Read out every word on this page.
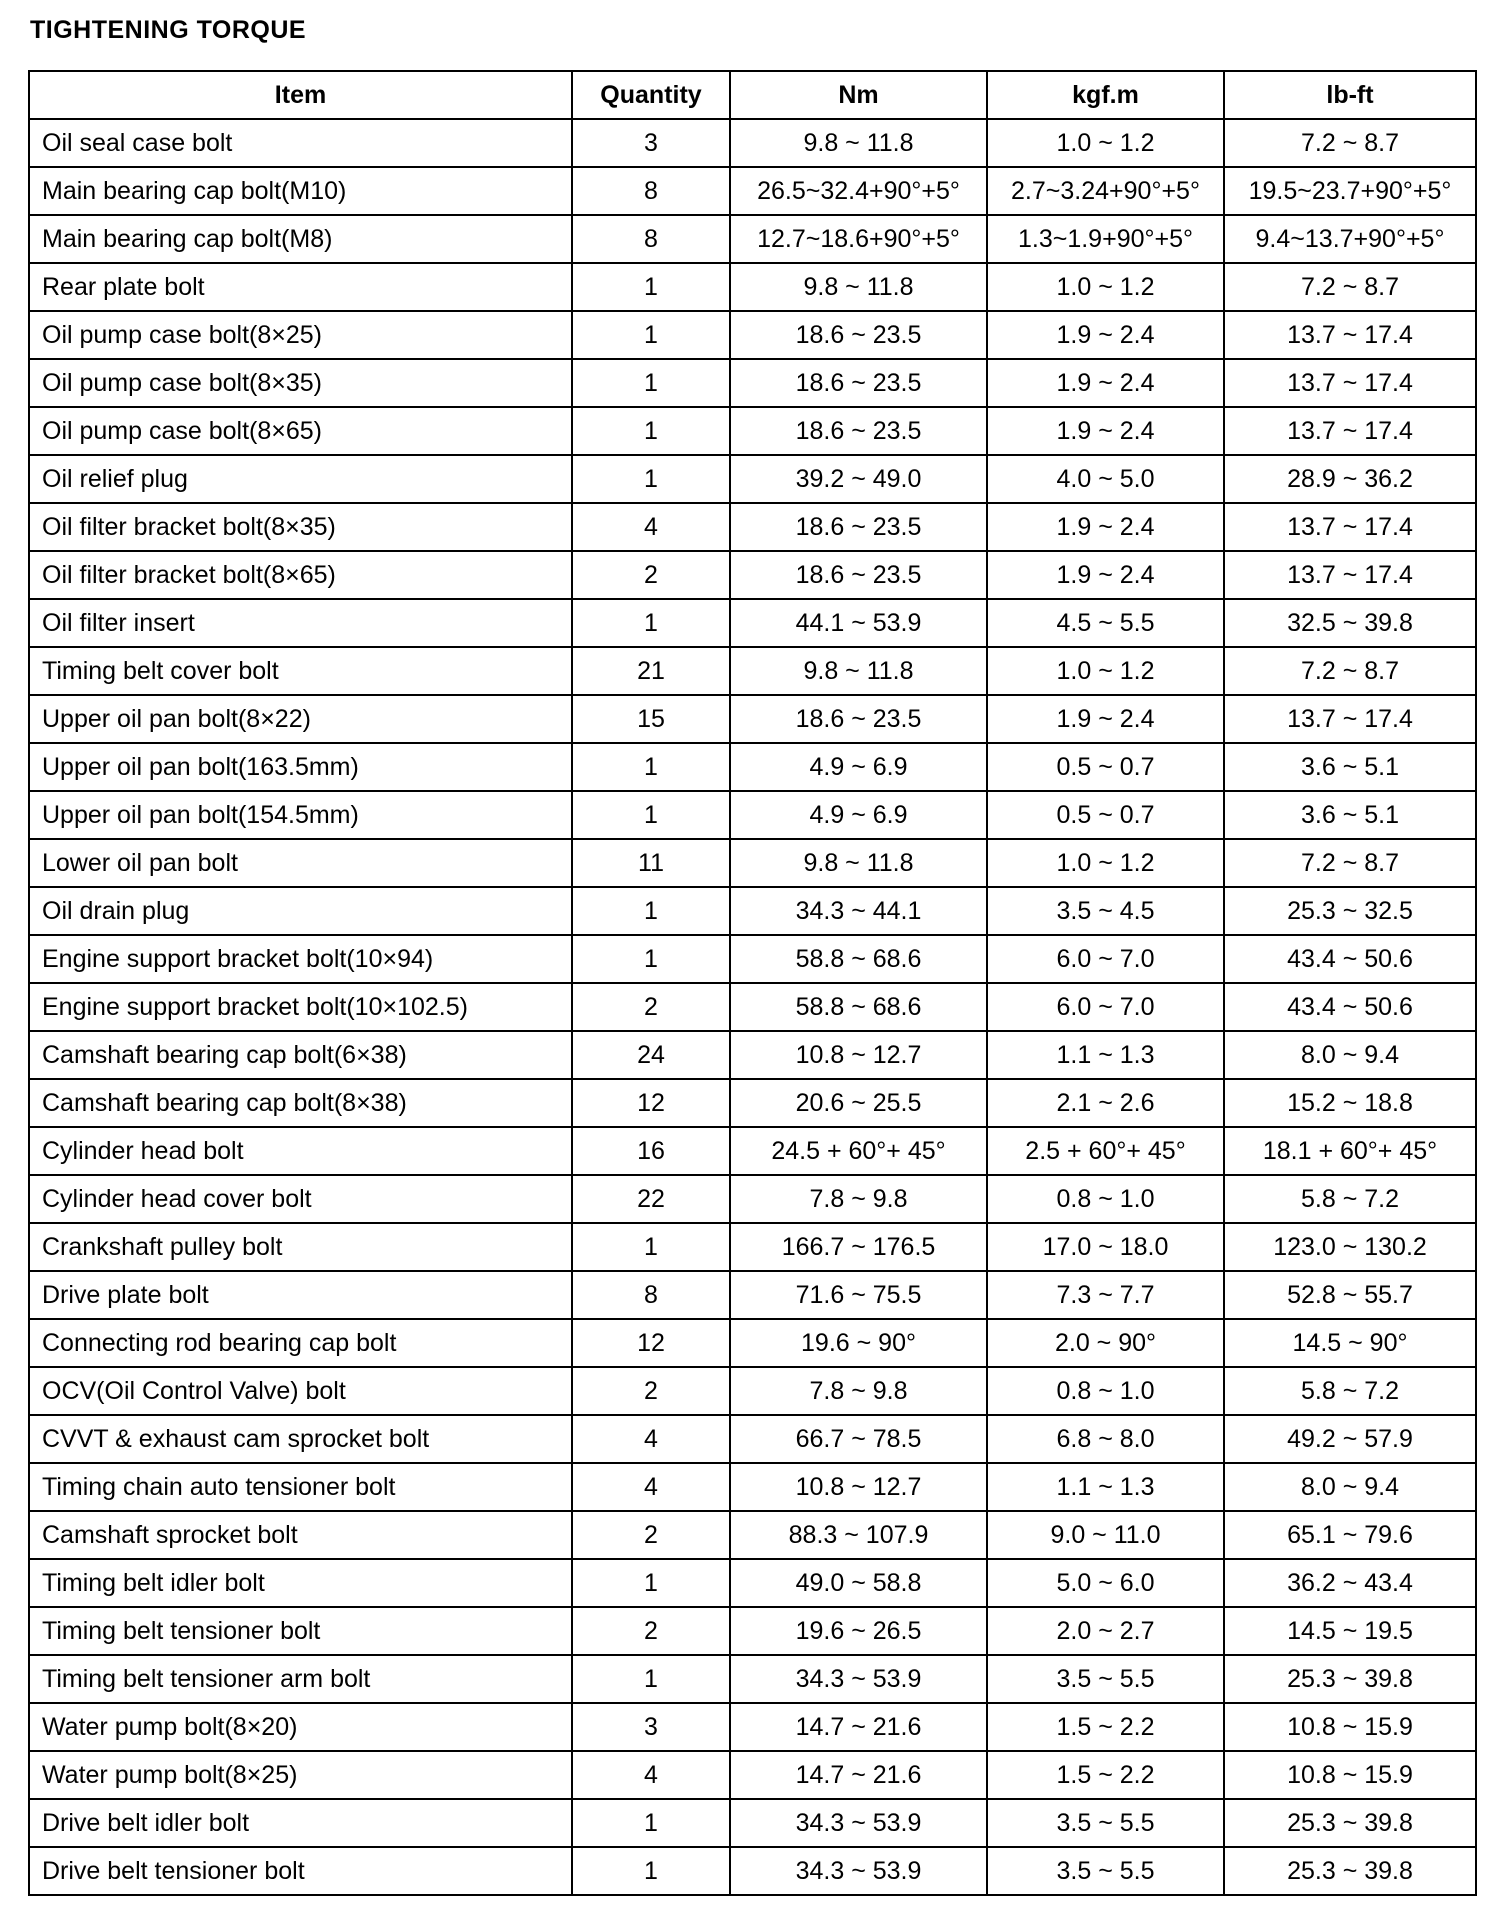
TIGHTENING TORQUE
Item	Quantity	Nm	kgf.m	lb-ft
Oil seal case bolt	3	9.8 ~ 11.8	1.0 ~ 1.2	7.2 ~ 8.7
Main bearing cap bolt(M10)	8	26.5~32.4+90°+5°	2.7~3.24+90°+5°	19.5~23.7+90°+5°
Main bearing cap bolt(M8)	8	12.7~18.6+90°+5°	1.3~1.9+90°+5°	9.4~13.7+90°+5°
Rear plate bolt	1	9.8 ~ 11.8	1.0 ~ 1.2	7.2 ~ 8.7
Oil pump case bolt(8×25)	1	18.6 ~ 23.5	1.9 ~ 2.4	13.7 ~ 17.4
Oil pump case bolt(8×35)	1	18.6 ~ 23.5	1.9 ~ 2.4	13.7 ~ 17.4
Oil pump case bolt(8×65)	1	18.6 ~ 23.5	1.9 ~ 2.4	13.7 ~ 17.4
Oil relief plug	1	39.2 ~ 49.0	4.0 ~ 5.0	28.9 ~ 36.2
Oil filter bracket bolt(8×35)	4	18.6 ~ 23.5	1.9 ~ 2.4	13.7 ~ 17.4
Oil filter bracket bolt(8×65)	2	18.6 ~ 23.5	1.9 ~ 2.4	13.7 ~ 17.4
Oil filter insert	1	44.1 ~ 53.9	4.5 ~ 5.5	32.5 ~ 39.8
Timing belt cover bolt	21	9.8 ~ 11.8	1.0 ~ 1.2	7.2 ~ 8.7
Upper oil pan bolt(8×22)	15	18.6 ~ 23.5	1.9 ~ 2.4	13.7 ~ 17.4
Upper oil pan bolt(163.5mm)	1	4.9 ~ 6.9	0.5 ~ 0.7	3.6 ~ 5.1
Upper oil pan bolt(154.5mm)	1	4.9 ~ 6.9	0.5 ~ 0.7	3.6 ~ 5.1
Lower oil pan bolt	11	9.8 ~ 11.8	1.0 ~ 1.2	7.2 ~ 8.7
Oil drain plug	1	34.3 ~ 44.1	3.5 ~ 4.5	25.3 ~ 32.5
Engine support bracket bolt(10×94)	1	58.8 ~ 68.6	6.0 ~ 7.0	43.4 ~ 50.6
Engine support bracket bolt(10×102.5)	2	58.8 ~ 68.6	6.0 ~ 7.0	43.4 ~ 50.6
Camshaft bearing cap bolt(6×38)	24	10.8 ~ 12.7	1.1 ~ 1.3	8.0 ~ 9.4
Camshaft bearing cap bolt(8×38)	12	20.6 ~ 25.5	2.1 ~ 2.6	15.2 ~ 18.8
Cylinder head bolt	16	24.5 + 60°+ 45°	2.5 + 60°+ 45°	18.1 + 60°+ 45°
Cylinder head cover bolt	22	7.8 ~ 9.8	0.8 ~ 1.0	5.8 ~ 7.2
Crankshaft pulley bolt	1	166.7 ~ 176.5	17.0 ~ 18.0	123.0 ~ 130.2
Drive plate bolt	8	71.6 ~ 75.5	7.3 ~ 7.7	52.8 ~ 55.7
Connecting rod bearing cap bolt	12	19.6 ~ 90°	2.0 ~ 90°	14.5 ~ 90°
OCV(Oil Control Valve) bolt	2	7.8 ~ 9.8	0.8 ~ 1.0	5.8 ~ 7.2
CVVT & exhaust cam sprocket bolt	4	66.7 ~ 78.5	6.8 ~ 8.0	49.2 ~ 57.9
Timing chain auto tensioner bolt	4	10.8 ~ 12.7	1.1 ~ 1.3	8.0 ~ 9.4
Camshaft sprocket bolt	2	88.3 ~ 107.9	9.0 ~ 11.0	65.1 ~ 79.6
Timing belt idler bolt	1	49.0 ~ 58.8	5.0 ~ 6.0	36.2 ~ 43.4
Timing belt tensioner bolt	2	19.6 ~ 26.5	2.0 ~ 2.7	14.5 ~ 19.5
Timing belt tensioner arm bolt	1	34.3 ~ 53.9	3.5 ~ 5.5	25.3 ~ 39.8
Water pump bolt(8×20)	3	14.7 ~ 21.6	1.5 ~ 2.2	10.8 ~ 15.9
Water pump bolt(8×25)	4	14.7 ~ 21.6	1.5 ~ 2.2	10.8 ~ 15.9
Drive belt idler bolt	1	34.3 ~ 53.9	3.5 ~ 5.5	25.3 ~ 39.8
Drive belt tensioner bolt	1	34.3 ~ 53.9	3.5 ~ 5.5	25.3 ~ 39.8
